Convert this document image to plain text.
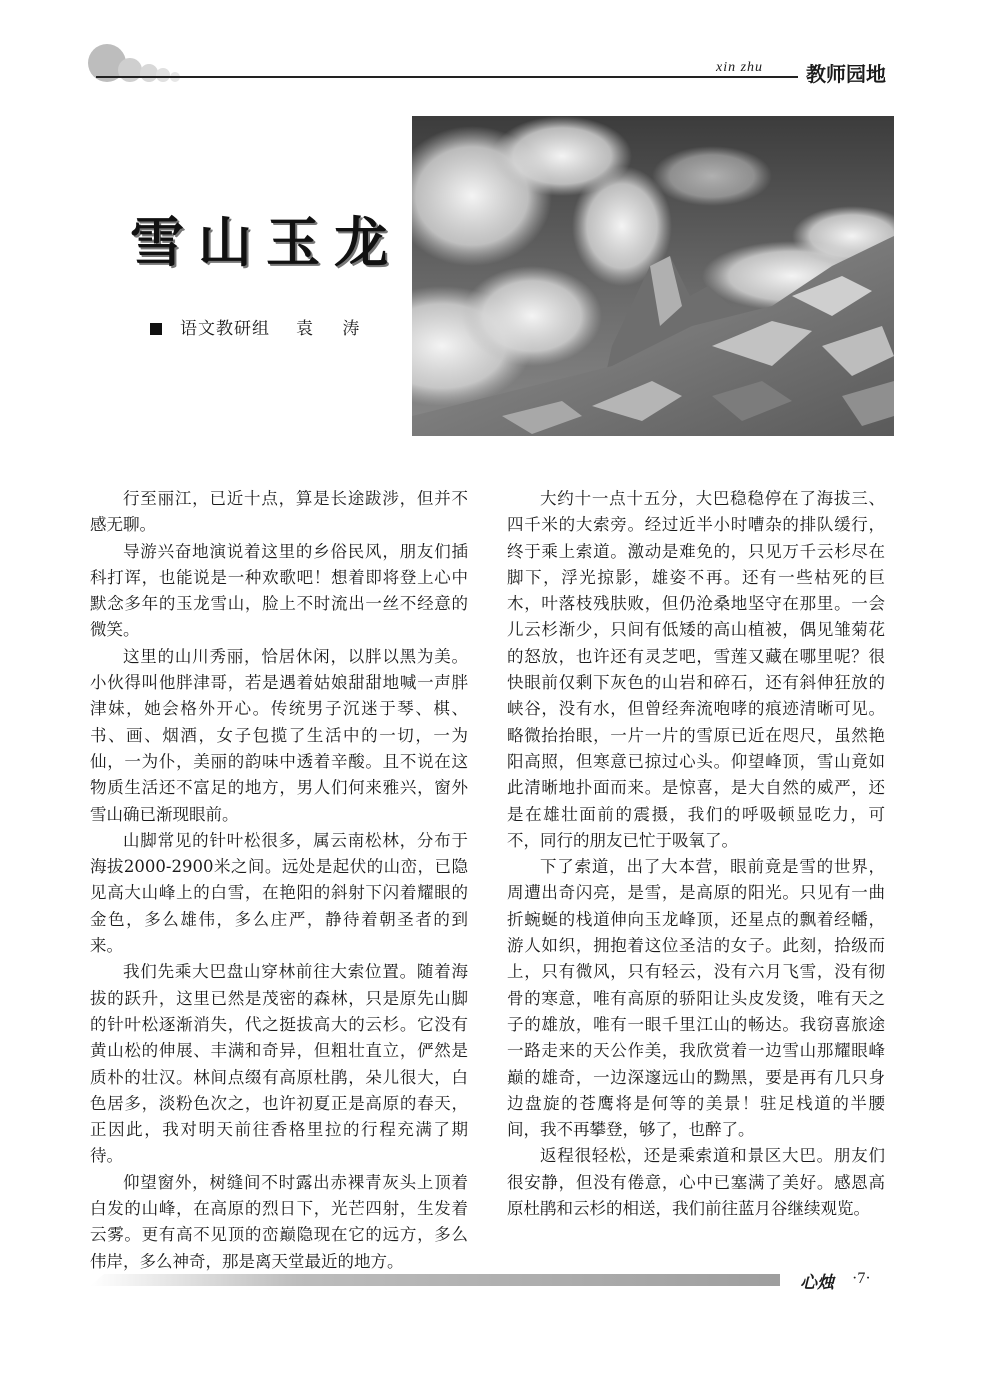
xin zhu 教师园地
雪山玉龙
语文教研组 袁 涛

行至丽江，已近十点，算是长途跋涉，但并不感无聊。

导游兴奋地演说着这里的乡俗民风，朋友们插科打诨，也能说是一种欢歌吧！想着即将登上心中默念多年的玉龙雪山，脸上不时流出一丝不经意的微笑。

这里的山川秀丽，恰居休闲，以胖以黑为美。小伙得叫他胖津哥，若是遇着姑娘甜甜地喊一声胖津妹，她会格外开心。传统男子沉迷于琴、棋、书、画、烟酒，女子包揽了生活中的一切，一为仙，一为仆，美丽的韵味中透着辛酸。且不说在这物质生活还不富足的地方，男人们何来雅兴，窗外雪山确已渐现眼前。

山脚常见的针叶松很多，属云南松林，分布于海拔2000-2900米之间。远处是起伏的山峦，已隐见高大山峰上的白雪，在艳阳的斜射下闪着耀眼的金色，多么雄伟，多么庄严，静待着朝圣者的到来。

我们先乘大巴盘山穿林前往大索位置。随着海拔的跃升，这里已然是茂密的森林，只是原先山脚的针叶松逐渐消失，代之挺拔高大的云杉。它没有黄山松的伸展、丰满和奇异，但粗壮直立，俨然是质朴的壮汉。林间点缀有高原杜鹃，朵儿很大，白色居多，淡粉色次之，也许初夏正是高原的春天，正因此，我对明天前往香格里拉的行程充满了期待。

仰望窗外，树缝间不时露出赤裸青灰头上顶着白发的山峰，在高原的烈日下，光芒四射，生发着云雾。更有高不见顶的峦巅隐现在它的远方，多么伟岸，多么神奇，那是离天堂最近的地方。

大约十一点十五分，大巴稳稳停在了海拔三、四千米的大索旁。经过近半小时嘈杂的排队缓行，终于乘上索道。激动是难免的，只见万千云杉尽在脚下，浮光掠影，雄姿不再。还有一些枯死的巨木，叶落枝残肤败，但仍沧桑地坚守在那里。一会儿云杉渐少，只间有低矮的高山植被，偶见雏菊花的怒放，也许还有灵芝吧，雪莲又藏在哪里呢？很快眼前仅剩下灰色的山岩和碎石，还有斜伸狂放的峡谷，没有水，但曾经奔流咆哮的痕迹清晰可见。略微抬抬眼，一片一片的雪原已近在咫尺，虽然艳阳高照，但寒意已掠过心头。仰望峰顶，雪山竟如此清晰地扑面而来。是惊喜，是大自然的威严，还是在雄壮面前的震摄，我们的呼吸顿显吃力，可不，同行的朋友已忙于吸氧了。

下了索道，出了大本营，眼前竟是雪的世界，周遭出奇闪亮，是雪，是高原的阳光。只见有一曲折蜿蜒的栈道伸向玉龙峰顶，还星点的飘着经幡，游人如织，拥抱着这位圣洁的女子。此刻，拾级而上，只有微风，只有轻云，没有六月飞雪，没有彻骨的寒意，唯有高原的骄阳让头皮发烫，唯有天之子的雄放，唯有一眼千里江山的畅达。我窃喜旅途一路走来的天公作美，我欣赏着一边雪山那耀眼峰巅的雄奇，一边深邃远山的黝黑，要是再有几只身边盘旋的苍鹰将是何等的美景！驻足栈道的半腰间，我不再攀登，够了，也醉了。

返程很轻松，还是乘索道和景区大巴。朋友们很安静，但没有倦意，心中已塞满了美好。感恩高原杜鹃和云杉的相送，我们前往蓝月谷继续观览。

心烛 ·7·
